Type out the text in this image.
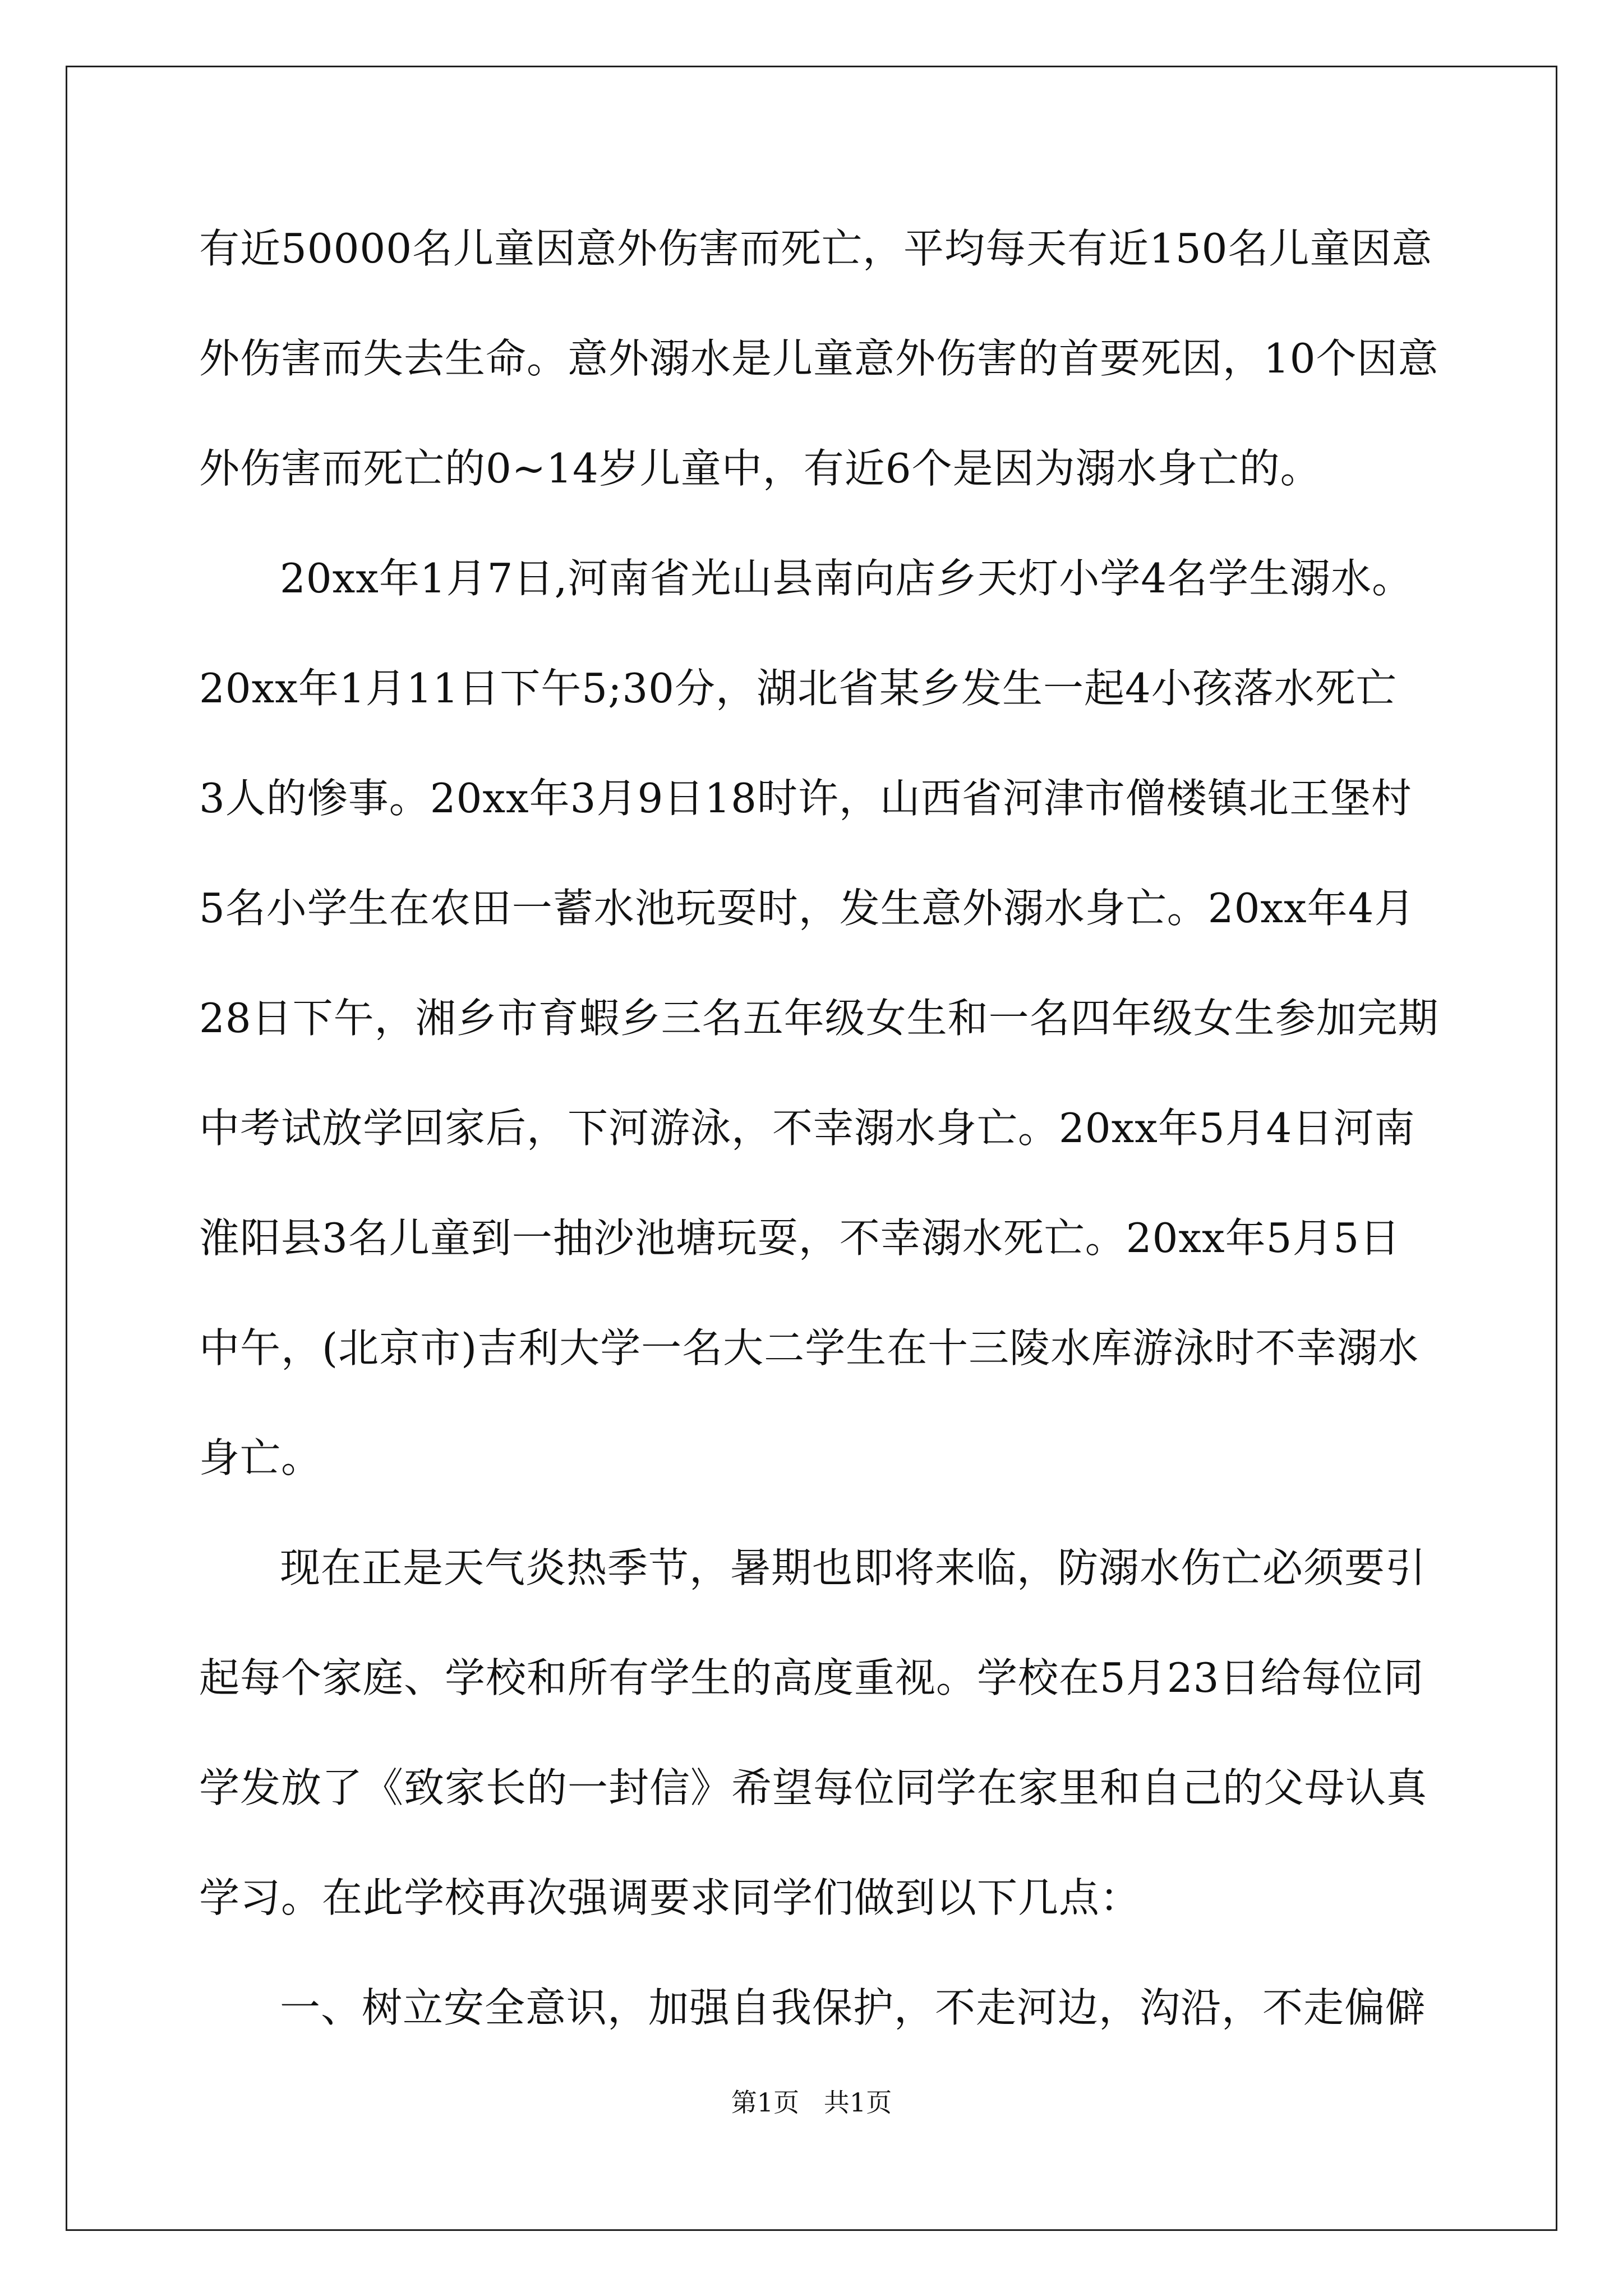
有近50000名儿童因意外伤害而死亡，平均每天有近150名儿童因意
外伤害而失去生命。意外溺水是儿童意外伤害的首要死因，10个因意
外伤害而死亡的0~14岁儿童中，有近6个是因为溺水身亡的。
20xx年1月7日,河南省光山县南向店乡天灯小学4名学生溺水。
20xx年1月11日下午5;30分，湖北省某乡发生一起4小孩落水死亡
3人的惨事。20xx年3月9日18时许，山西省河津市僧楼镇北王堡村
5名小学生在农田一蓄水池玩耍时，发生意外溺水身亡。20xx年4月
28日下午，湘乡市育蝦乡三名五年级女生和一名四年级女生参加完期
中考试放学回家后，下河游泳，不幸溺水身亡。20xx年5月4日河南
淮阳县3名儿童到一抽沙池塘玩耍，不幸溺水死亡。20xx年5月5日
中午，(北京市)吉利大学一名大二学生在十三陵水库游泳时不幸溺水
身亡。
现在正是天气炎热季节，暑期也即将来临，防溺水伤亡必须要引
起每个家庭、学校和所有学生的高度重视。学校在5月23日给每位同
学发放了《致家长的一封信》希望每位同学在家里和自己的父母认真
学习。在此学校再次强调要求同学们做到以下几点：
一、树立安全意识，加强自我保护，不走河边，沟沿，不走偏僻
第1页   共1页
